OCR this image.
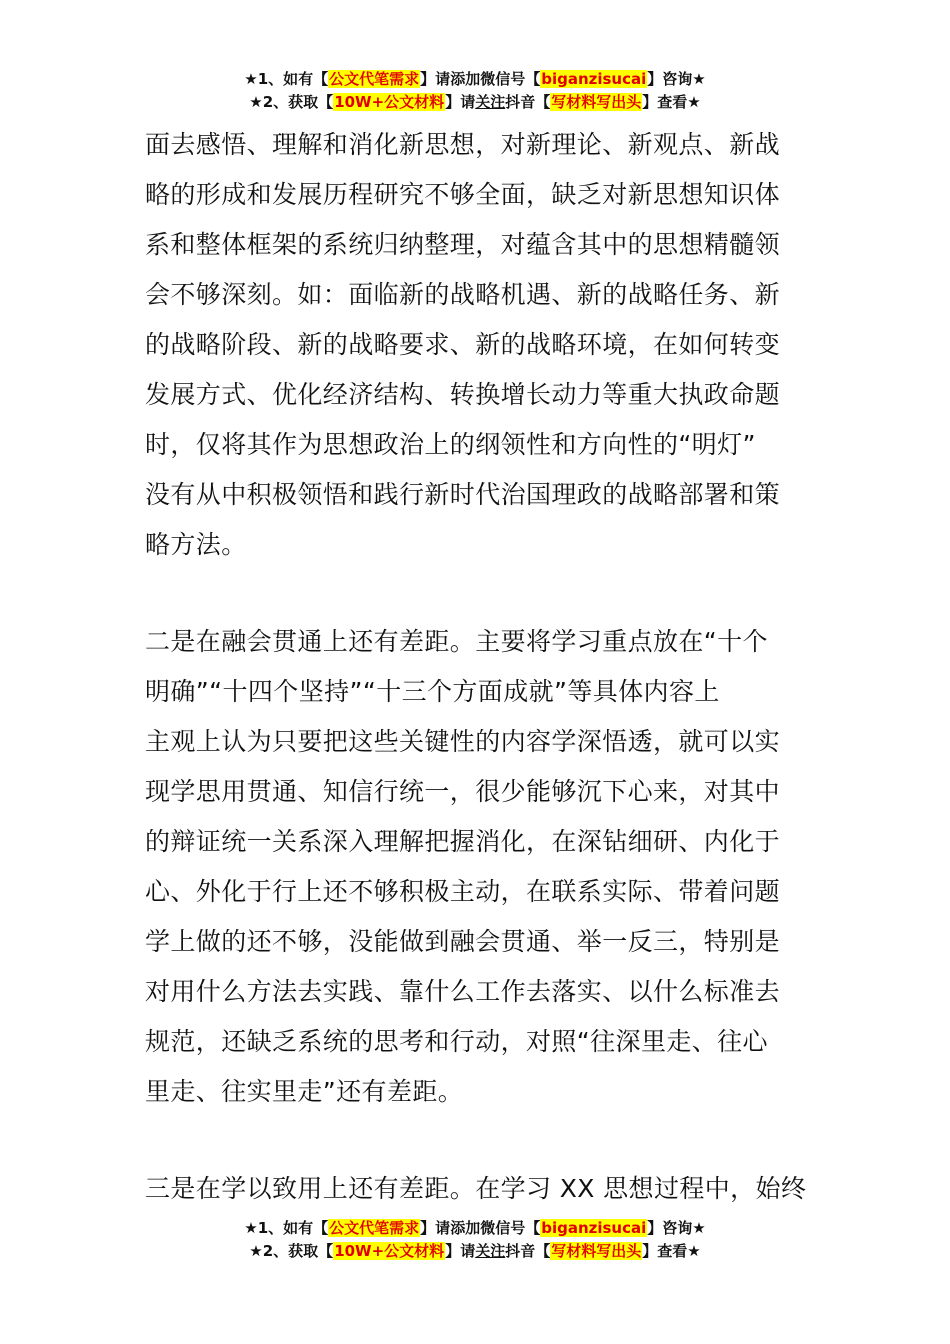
★1、如有【公文代笔需求】请添加微信号【biganzisucai】咨询★
★2、获取【10W+公文材料】请关注抖音【写材料写出头】查看★
面去感悟、理解和消化新思想，对新理论、新观点、新战
略的形成和发展历程研究不够全面，缺乏对新思想知识体
系和整体框架的系统归纳整理，对蕴含其中的思想精髓领
会不够深刻。如：面临新的战略机遇、新的战略任务、新
的战略阶段、新的战略要求、新的战略环境，在如何转变
发展方式、优化经济结构、转换增长动力等重大执政命题
时，仅将其作为思想政治上的纲领性和方向性的“明灯”
没有从中积极领悟和践行新时代治国理政的战略部署和策
略方法。
二是在融会贯通上还有差距。主要将学习重点放在“十个
明确”“十四个坚持”“十三个方面成就”等具体内容上
主观上认为只要把这些关键性的内容学深悟透，就可以实
现学思用贯通、知信行统一，很少能够沉下心来，对其中
的辩证统一关系深入理解把握消化，在深钻细研、内化于
心、外化于行上还不够积极主动，在联系实际、带着问题
学上做的还不够，没能做到融会贯通、举一反三，特别是
对用什么方法去实践、靠什么工作去落实、以什么标准去
规范，还缺乏系统的思考和行动，对照“往深里走、往心
里走、往实里走”还有差距。
三是在学以致用上还有差距。在学习 XX 思想过程中，始终
★1、如有【公文代笔需求】请添加微信号【biganzisucai】咨询★
★2、获取【10W+公文材料】请关注抖音【写材料写出头】查看★
